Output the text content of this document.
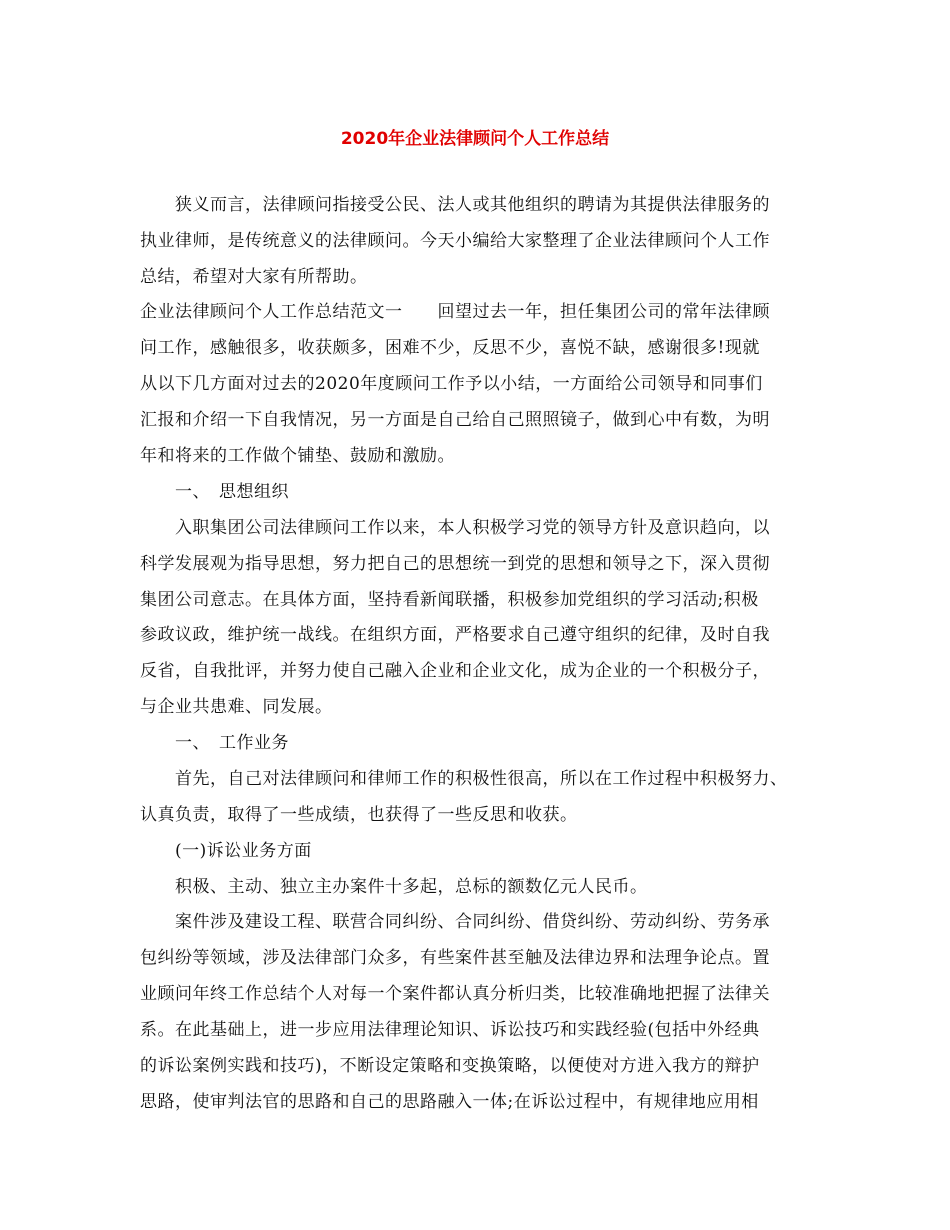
2020年企业法律顾问个人工作总结
狭义而言，法律顾问指接受公民、法人或其他组织的聘请为其提供法律服务的
执业律师，是传统意义的法律顾问。今天小编给大家整理了企业法律顾问个人工作
总结，希望对大家有所帮助。
企业法律顾问个人工作总结范文一　　回望过去一年，担任集团公司的常年法律顾
问工作，感触很多，收获颇多，困难不少，反思不少，喜悦不缺，感谢很多!现就
从以下几方面对过去的2020年度顾问工作予以小结，一方面给公司领导和同事们
汇报和介绍一下自我情况，另一方面是自己给自己照照镜子，做到心中有数，为明
年和将来的工作做个铺垫、鼓励和激励。
一、　思想组织
入职集团公司法律顾问工作以来，本人积极学习党的领导方针及意识趋向，以
科学发展观为指导思想，努力把自己的思想统一到党的思想和领导之下，深入贯彻
集团公司意志。在具体方面，坚持看新闻联播，积极参加党组织的学习活动;积极
参政议政，维护统一战线。在组织方面，严格要求自己遵守组织的纪律，及时自我
反省，自我批评，并努力使自己融入企业和企业文化，成为企业的一个积极分子，
与企业共患难、同发展。
一、　工作业务
首先，自己对法律顾问和律师工作的积极性很高，所以在工作过程中积极努力、
认真负责，取得了一些成绩，也获得了一些反思和收获。
(一)诉讼业务方面
积极、主动、独立主办案件十多起，总标的额数亿元人民币。
案件涉及建设工程、联营合同纠纷、合同纠纷、借贷纠纷、劳动纠纷、劳务承
包纠纷等领域，涉及法律部门众多，有些案件甚至触及法律边界和法理争论点。置
业顾问年终工作总结个人对每一个案件都认真分析归类，比较准确地把握了法律关
系。在此基础上，进一步应用法律理论知识、诉讼技巧和实践经验(包括中外经典
的诉讼案例实践和技巧)，不断设定策略和变换策略，以便使对方进入我方的辩护
思路，使审判法官的思路和自己的思路融入一体;在诉讼过程中，有规律地应用相
